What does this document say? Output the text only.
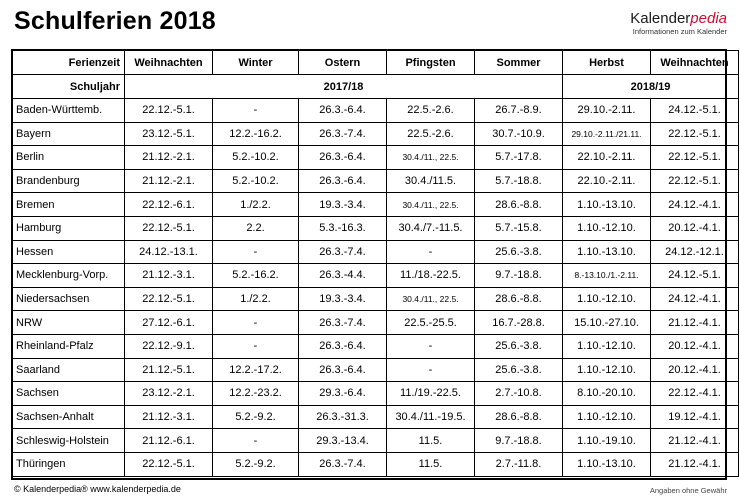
Schulferien 2018	Kalenderpedia
Informationen zum Kalender
Ferienzeit	Weihnachten	Winter	Ostern	Pfingsten	Sommer	Herbst	Weihnachten
Schuljahr	2017/18					2018/19	
Baden-Württemb.	22.12.-5.1.	-	26.3.-6.4.	22.5.-2.6.	26.7.-8.9.	29.10.-2.11.	24.12.-5.1.
Bayern	23.12.-5.1.	12.2.-16.2.	26.3.-7.4.	22.5.-2.6.	30.7.-10.9.	29.10.-2.11./21.11.	22.12.-5.1.
Berlin	21.12.-2.1.	5.2.-10.2.	26.3.-6.4.	30.4./11., 22.5.	5.7.-17.8.	22.10.-2.11.	22.12.-5.1.
Brandenburg	21.12.-2.1.	5.2.-10.2.	26.3.-6.4.	30.4./11.5.	5.7.-18.8.	22.10.-2.11.	22.12.-5.1.
Bremen	22.12.-6.1.	1./2.2.	19.3.-3.4.	30.4./11., 22.5.	28.6.-8.8.	1.10.-13.10.	24.12.-4.1.
Hamburg	22.12.-5.1.	2.2.	5.3.-16.3.	30.4./7.-11.5.	5.7.-15.8.	1.10.-12.10.	20.12.-4.1.
Hessen	24.12.-13.1.	-	26.3.-7.4.	-	25.6.-3.8.	1.10.-13.10.	24.12.-12.1.
Mecklenburg-Vorp.	21.12.-3.1.	5.2.-16.2.	26.3.-4.4.	11./18.-22.5.	9.7.-18.8.	8.-13.10./1.-2.11.	24.12.-5.1.
Niedersachsen	22.12.-5.1.	1./2.2.	19.3.-3.4.	30.4./11., 22.5.	28.6.-8.8.	1.10.-12.10.	24.12.-4.1.
NRW	27.12.-6.1.	-	26.3.-7.4.	22.5.-25.5.	16.7.-28.8.	15.10.-27.10.	21.12.-4.1.
Rheinland-Pfalz	22.12.-9.1.	-	26.3.-6.4.	-	25.6.-3.8.	1.10.-12.10.	20.12.-4.1.
Saarland	21.12.-5.1.	12.2.-17.2.	26.3.-6.4.	-	25.6.-3.8.	1.10.-12.10.	20.12.-4.1.
Sachsen	23.12.-2.1.	12.2.-23.2.	29.3.-6.4.	11./19.-22.5.	2.7.-10.8.	8.10.-20.10.	22.12.-4.1.
Sachsen-Anhalt	21.12.-3.1.	5.2.-9.2.	26.3.-31.3.	30.4./11.-19.5.	28.6.-8.8.	1.10.-12.10.	19.12.-4.1.
Schleswig-Holstein	21.12.-6.1.	-	29.3.-13.4.	11.5.	9.7.-18.8.	1.10.-19.10.	21.12.-4.1.
Thüringen	22.12.-5.1.	5.2.-9.2.	26.3.-7.4.	11.5.	2.7.-11.8.	1.10.-13.10.	21.12.-4.1.
© Kalenderpedia® www.kalenderpedia.de	Angaben ohne Gewähr
